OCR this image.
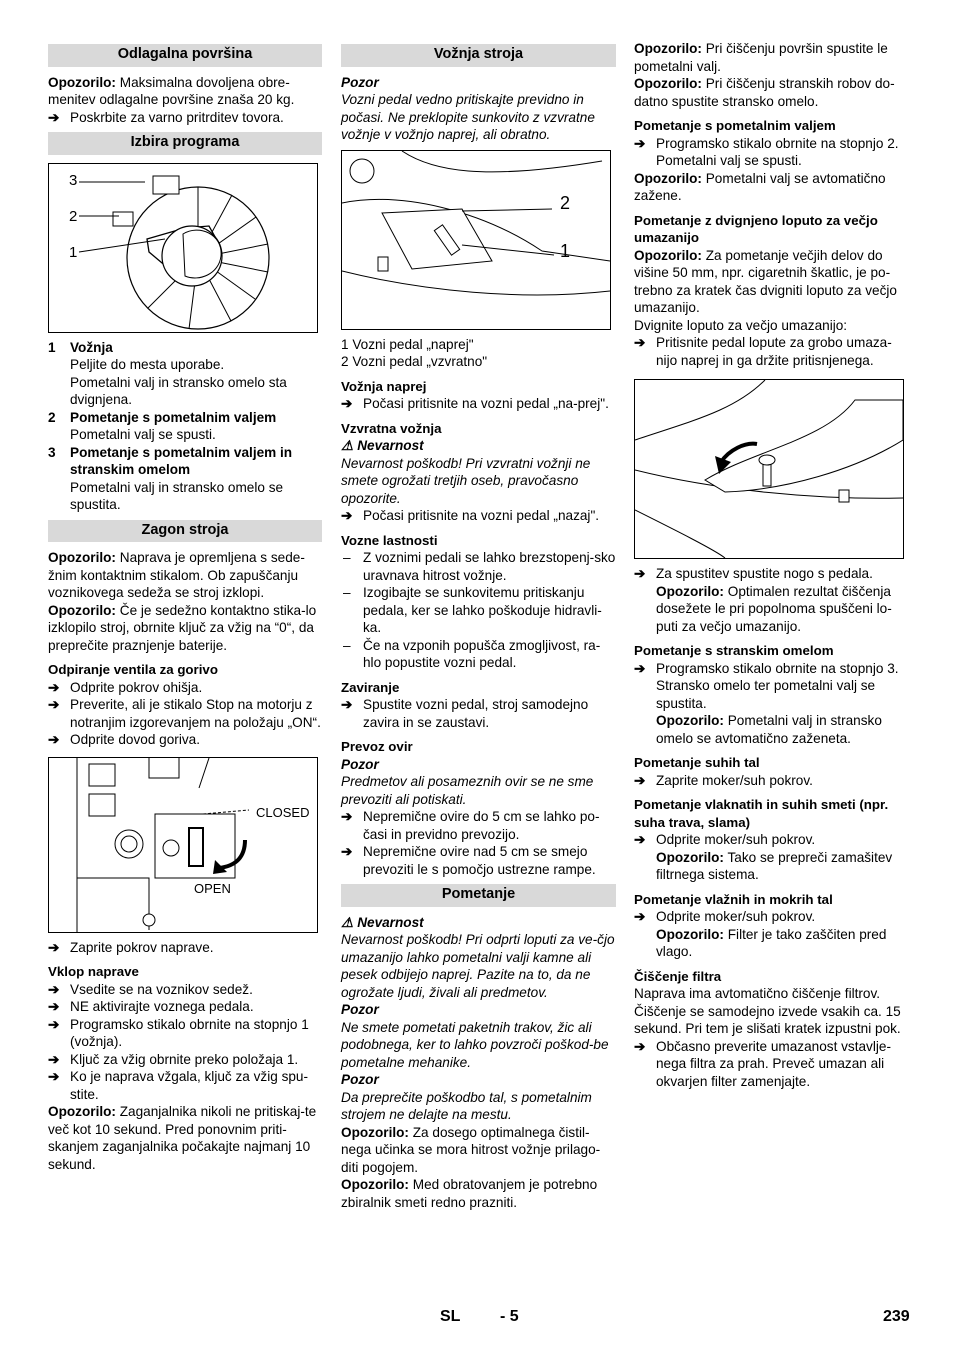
Odlagalna površina

Opozorilo: Maksimalna dovoljena obre-menitev odlagalne površine znaša 20 kg.

➔ Poskrbite za varno pritrditev tovora.

Izbira programa
3
2
1
1 Vožnja

Peljite do mesta uporabe.

Pometalni valj in stransko omelo sta dvignjena.

2 Pometanje s pometalnim valjem

Pometalni valj se spusti.

3 Pometanje s pometalnim valjem in stranskim omelom

Pometalni valj in stransko omelo se spustita.

Zagon stroja

Opozorilo: Naprava je opremljena s sede-žnim kontaktnim stikalom. Ob zapuščanju voznikovega sedeža se stroj izklopi.

Opozorilo: Če je sedežno kontaktno stika-lo izklopilo stroj, obrnite ključ za vžig na “0“, da preprečite praznjenje baterije.

Odpiranje ventila za gorivo

➔ Odprite pokrov ohišja.

➔ Preverite, ali je stikalo Stop na motorju z notranjim izgorevanjem na položaju „ON“.

➔ Odprite dovod goriva.

CLOSED
OPEN

➔ Zaprite pokrov naprave.

Vklop naprave

➔ Vsedite se na voznikov sedež.

➔ NE aktivirajte voznega pedala.

➔ Programsko stikalo obrnite na stopnjo 1 (vožnja).

➔ Ključ za vžig obrnite preko položaja 1.

➔ Ko je naprava vžgala, ključ za vžig spu-stite.

Opozorilo: Zaganjalnika nikoli ne pritiskaj-te več kot 10 sekund. Pred ponovnim priti-skanjem zaganjalnika počakajte najmanj 10 sekund.

Vožnja stroja

Pozor

Vozni pedal vedno pritiskajte previdno in počasi. Ne preklopite sunkovito z vzvratne vožnje v vožnjo naprej, ali obratno.

2
1

1 Vozni pedal „naprej"

2 Vozni pedal „vzvratno"

Vožnja naprej

➔ Počasi pritisnite na vozni pedal „na-prej".

Vzvratna vožnja

⚠ Nevarnost

Nevarnost poškodb! Pri vzvratni vožnji ne smete ogrožati tretjih oseb, pravočasno opozorite.

➔ Počasi pritisnite na vozni pedal „nazaj".

Vozne lastnosti

– Z voznimi pedali se lahko brezstopenj-sko uravnava hitrost vožnje.

– Izogibajte se sunkovitemu pritiskanju pedala, ker se lahko poškoduje hidravli-ka.

– Če na vzponih popušča zmogljivost, ra-hlo popustite vozni pedal.

Zaviranje

➔ Spustite vozni pedal, stroj samodejno zavira in se zaustavi.

Prevoz ovir

Pozor

Predmetov ali posameznih ovir se ne sme prevoziti ali potiskati.

➔ Nepremične ovire do 5 cm se lahko po-časi in previdno prevozijo.

➔ Nepremične ovire nad 5 cm se smejo prevoziti le s pomočjo ustrezne rampe.

Pometanje

⚠ Nevarnost

Nevarnost poškodb! Pri odprti loputi za ve-čjo umazanijo lahko pometalni valji kamne ali pesek odbijejo naprej. Pazite na to, da ne ogrožate ljudi, živali ali predmetov.

Pozor

Ne smete pometati paketnih trakov, žic ali podobnega, ker to lahko povzroči poškod-be pometalne mehanike.

Pozor

Da preprečite poškodbo tal, s pometalnim strojem ne delajte na mestu.

Opozorilo: Za dosego optimalnega čistil-nega učinka se mora hitrost vožnje prilago-diti pogojem.

Opozorilo: Med obratovanjem je potrebno zbiralnik smeti redno prazniti.

Opozorilo: Pri čiščenju površin spustite le pometalni valj.

Opozorilo: Pri čiščenju stranskih robov do-datno spustite stransko omelo.

Pometanje s pometalnim valjem

➔ Programsko stikalo obrnite na stopnjo 2. Pometalni valj se spusti.

Opozorilo: Pometalni valj se avtomatično zažene.

Pometanje z dvignjeno loputo za večjo umazanijo

Opozorilo: Za pometanje večjih delov do višine 50 mm, npr. cigaretnih škatlic, je po-trebno za kratek čas dvigniti loputo za večjo umazanijo.

Dvignite loputo za večjo umazanijo:

➔ Pritisnite pedal lopute za grobo umaza-nijo naprej in ga držite pritisnjenega.

➔ Za spustitev spustite nogo s pedala.

Opozorilo: Optimalen rezultat čiščenja dosežete le pri popolnoma spuščeni lo-puti za večjo umazanijo.

Pometanje s stranskim omelom

➔ Programsko stikalo obrnite na stopnjo 3. Stransko omelo ter pometalni valj se spustita.

Opozorilo: Pometalni valj in stransko omelo se avtomatično zaženeta.

Pometanje suhih tal

➔ Zaprite moker/suh pokrov.

Pometanje vlaknatih in suhih smeti (npr. suha trava, slama)

➔ Odprite moker/suh pokrov.

Opozorilo: Tako se prepreči zamašitev filtrnega sistema.

Pometanje vlažnih in mokrih tal

➔ Odprite moker/suh pokrov.

Opozorilo: Filter je tako zaščiten pred vlago.

Čiščenje filtra

Naprava ima avtomatično čiščenje filtrov. Čiščenje se samodejno izvede vsakih ca. 15 sekund. Pri tem je slišati kratek izpustni pok.

➔ Občasno preverite umazanost vstavlje-nega filtra za prah. Preveč umazan ali okvarjen filter zamenjajte.

SL - 5	239
